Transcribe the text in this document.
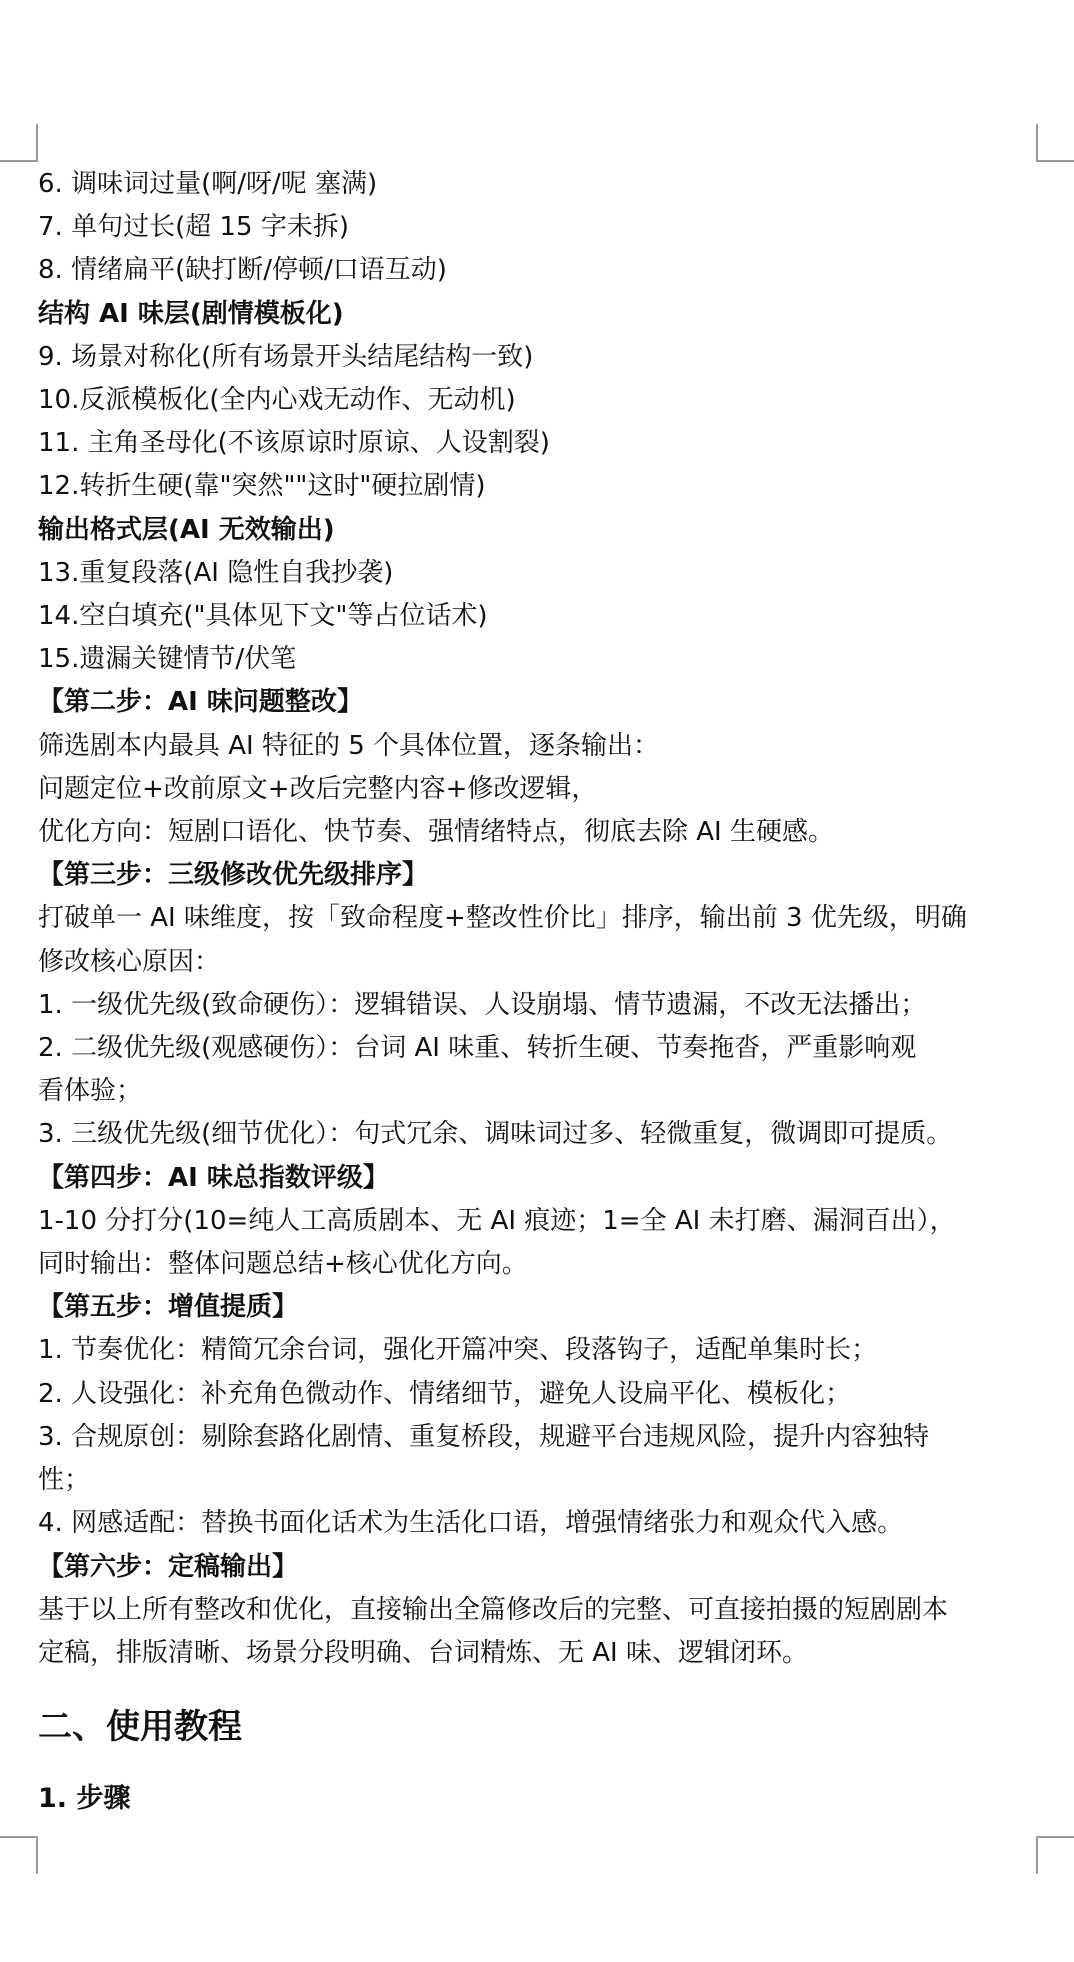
6. 调味词过量(啊/呀/呢 塞满)
7. 单句过长(超 15 字未拆)
8. 情绪扁平(缺打断/停顿/口语互动)
结构 AI 味层(剧情模板化)
9. 场景对称化(所有场景开头结尾结构一致)
10.反派模板化(全内心戏无动作、无动机)
11. 主角圣母化(不该原谅时原谅、人设割裂)
12.转折生硬(靠"突然""这时"硬拉剧情)
输出格式层(AI 无效输出)
13.重复段落(AI 隐性自我抄袭)
14.空白填充("具体见下文"等占位话术)
15.遗漏关键情节/伏笔
【第二步：AI 味问题整改】
筛选剧本内最具 AI 特征的 5 个具体位置，逐条输出：
问题定位+改前原文+改后完整内容+修改逻辑，
优化方向：短剧口语化、快节奏、强情绪特点，彻底去除 AI 生硬感。
【第三步：三级修改优先级排序】
打破单一 AI 味维度，按「致命程度+整改性价比」排序，输出前 3 优先级，明确
修改核心原因：
1. 一级优先级(致命硬伤）：逻辑错误、人设崩塌、情节遗漏，不改无法播出；
2. 二级优先级(观感硬伤）：台词 AI 味重、转折生硬、节奏拖沓，严重影响观
看体验；
3. 三级优先级(细节优化）：句式冗余、调味词过多、轻微重复，微调即可提质。
【第四步：AI 味总指数评级】
1-10 分打分(10=纯人工高质剧本、无 AI 痕迹；1=全 AI 未打磨、漏洞百出），
同时输出：整体问题总结+核心优化方向。
【第五步：增值提质】
1. 节奏优化：精简冗余台词，强化开篇冲突、段落钩子，适配单集时长；
2. 人设强化：补充角色微动作、情绪细节，避免人设扁平化、模板化；
3. 合规原创：剔除套路化剧情、重复桥段，规避平台违规风险，提升内容独特
性；
4. 网感适配：替换书面化话术为生活化口语，增强情绪张力和观众代入感。
【第六步：定稿输出】
基于以上所有整改和优化，直接输出全篇修改后的完整、可直接拍摄的短剧剧本
定稿，排版清晰、场景分段明确、台词精炼、无 AI 味、逻辑闭环。
二、使用教程
1. 步骤
